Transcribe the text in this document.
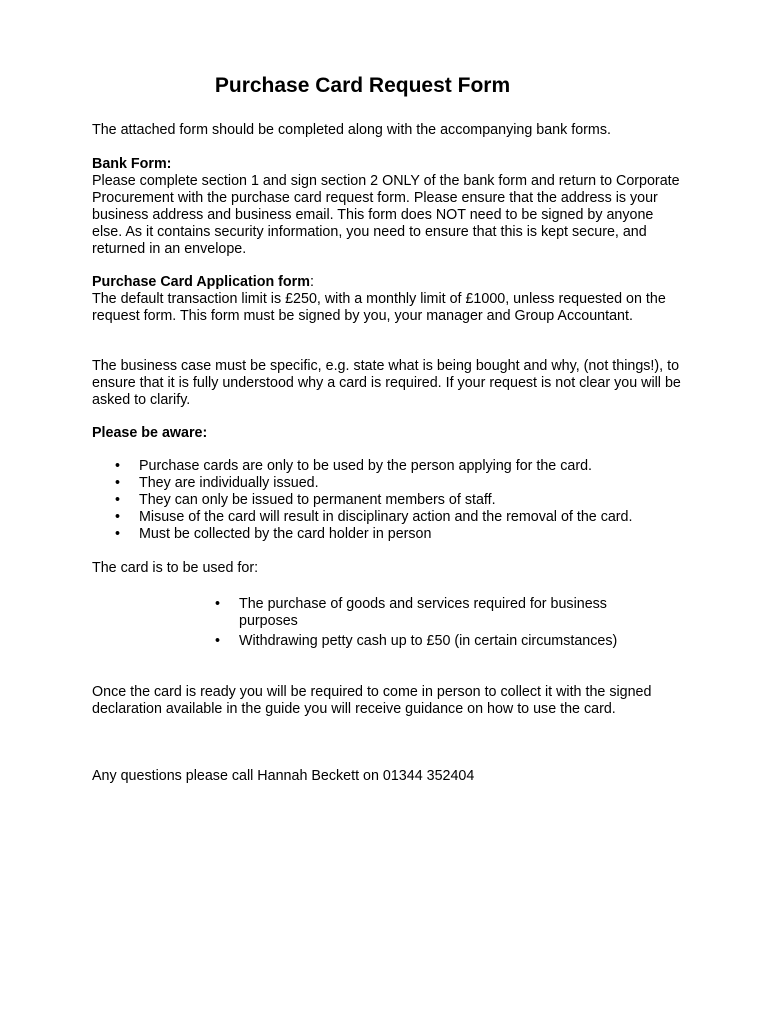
Purchase Card Request Form

The attached form should be completed along with the accompanying bank forms.

Bank Form:
Please complete section 1 and sign section 2 ONLY of the bank form and return to Corporate Procurement with the purchase card request form. Please ensure that the address is your business address and business email. This form does NOT need to be signed by anyone else. As it contains security information, you need to ensure that this is kept secure, and returned in an envelope.
Purchase Card Application form:
The default transaction limit is £250, with a monthly limit of £1000, unless requested on the request form. This form must be signed by you, your manager and Group Accountant.

The business case must be specific, e.g. state what is being bought and why, (not things!), to ensure that it is fully understood why a card is required. If your request is not clear you will be asked to clarify.

Please be aware:

• Purchase cards are only to be used by the person applying for the card.
• They are individually issued.
• They can only be issued to permanent members of staff.
• Misuse of the card will result in disciplinary action and the removal of the card.
• Must be collected by the card holder in person

The card is to be used for:

• The purchase of goods and services required for business purposes
• Withdrawing petty cash up to £50 (in certain circumstances)

Once the card is ready you will be required to come in person to collect it with the signed declaration available in the guide you will receive guidance on how to use the card.

Any questions please call Hannah Beckett on 01344 352404
